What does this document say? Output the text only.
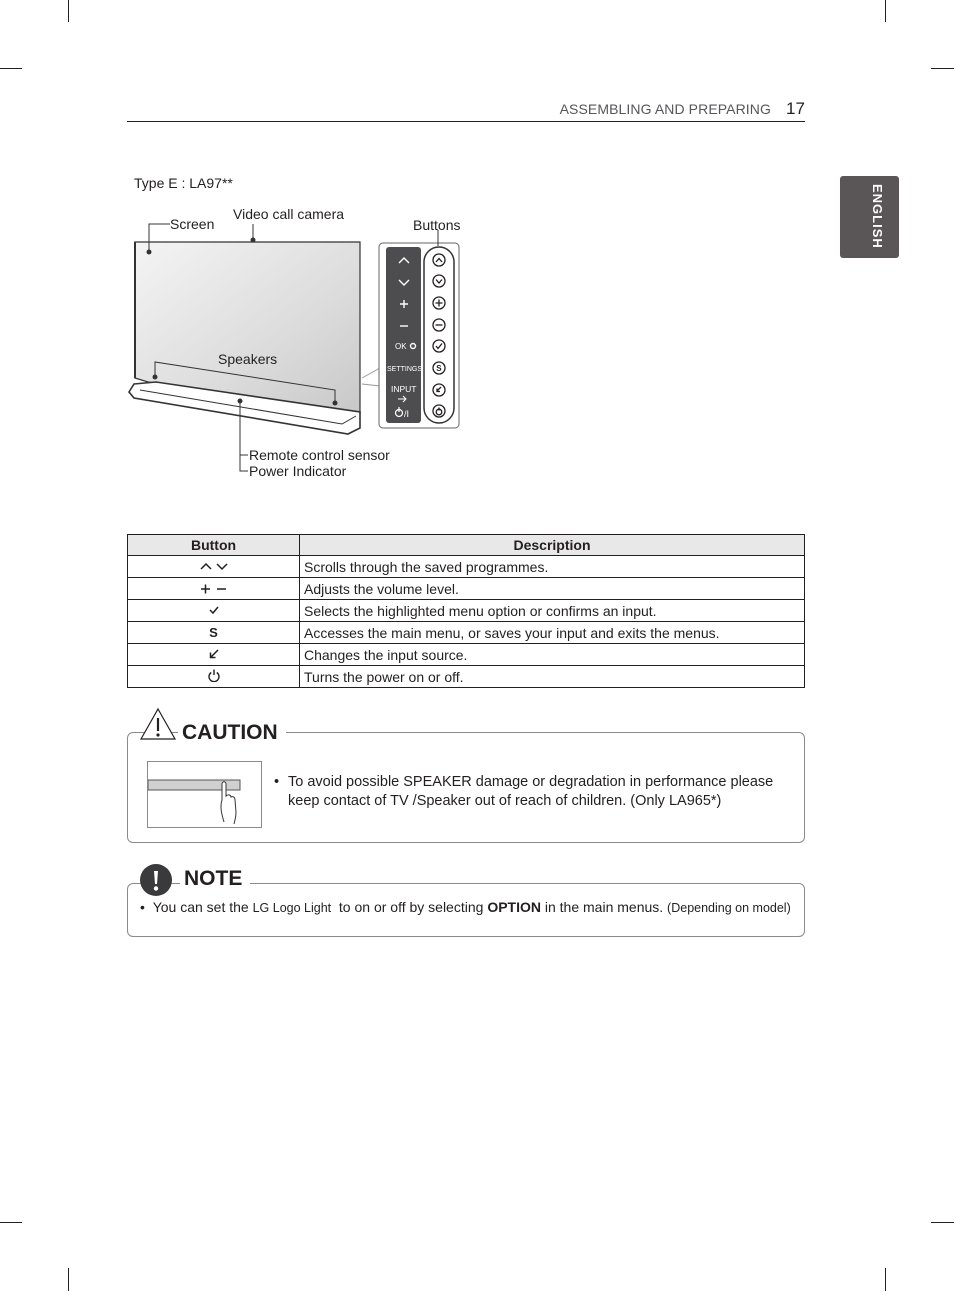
ASSEMBLING AND PREPARING 17
ENGLISH
Type E : LA97**
OK
SETTINGS
INPUT
/I
S
Screen
Video call camera
Buttons
Speakers
Remote control sensor
Power Indicator
Button	Description
	Scrolls through the saved programmes.
	Adjusts the volume level.
	Selects the highlighted menu option or confirms an input.
S	Accesses the main menu, or saves your input and exits the menus.
	Changes the input source.
	Turns the power on or off.
CAUTION
• To avoid possible SPEAKER damage or degradation in performance please keep contact of TV /Speaker out of reach of children. (Only LA965*)
NOTE
•  You can set the LG Logo Light  to on or off by selecting OPTION in the main menus. (Depending on model)
